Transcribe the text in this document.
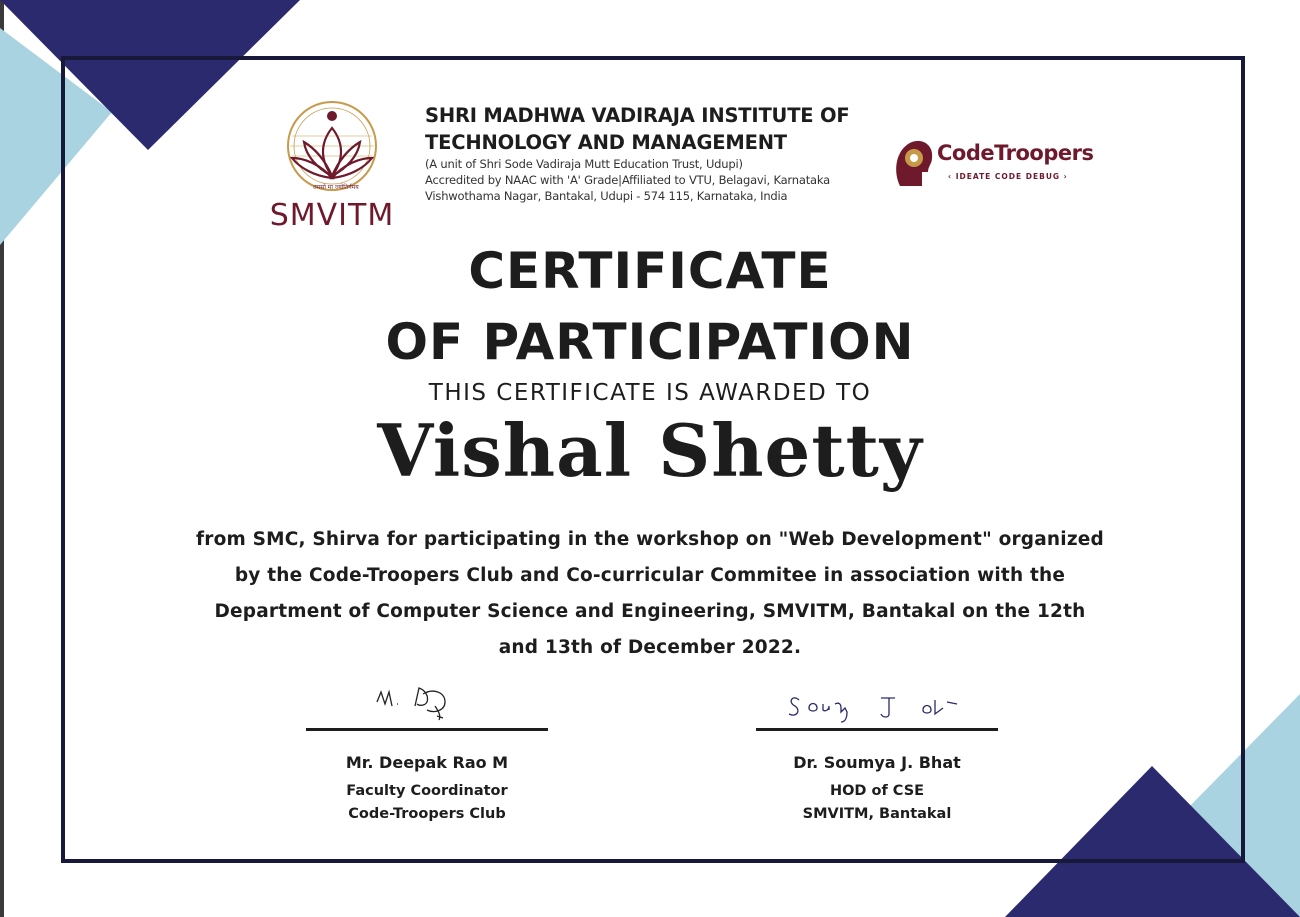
तमसो मा ज्योतिर्गमय
SMVITM

SHRI MADHWA VADIRAJA INSTITUTE OF

TECHNOLOGY AND MANAGEMENT

(A unit of Shri Sode Vadiraja Mutt Education Trust, Udupi)

Accredited by NAAC with 'A' Grade|Affiliated to VTU, Belagavi, Karnataka

Vishwothama Nagar, Bantakal, Udupi - 574 115, Karnataka, India

CodeTroopers
‹ IDEATE CODE DEBUG ›
CERTIFICATE
OF PARTICIPATION
THIS CERTIFICATE IS AWARDED TO
Vishal Shetty

from SMC, Shirva for participating in the workshop on "Web Development" organized by the Code-Troopers Club and Co-curricular Commitee in association with the Department of Computer Science and Engineering, SMVITM, Bantakal on the 12th and 13th of December 2022.

Mr. Deepak Rao M

Faculty Coordinator

Code-Troopers Club

Dr. Soumya J. Bhat

HOD of CSE

SMVITM, Bantakal
